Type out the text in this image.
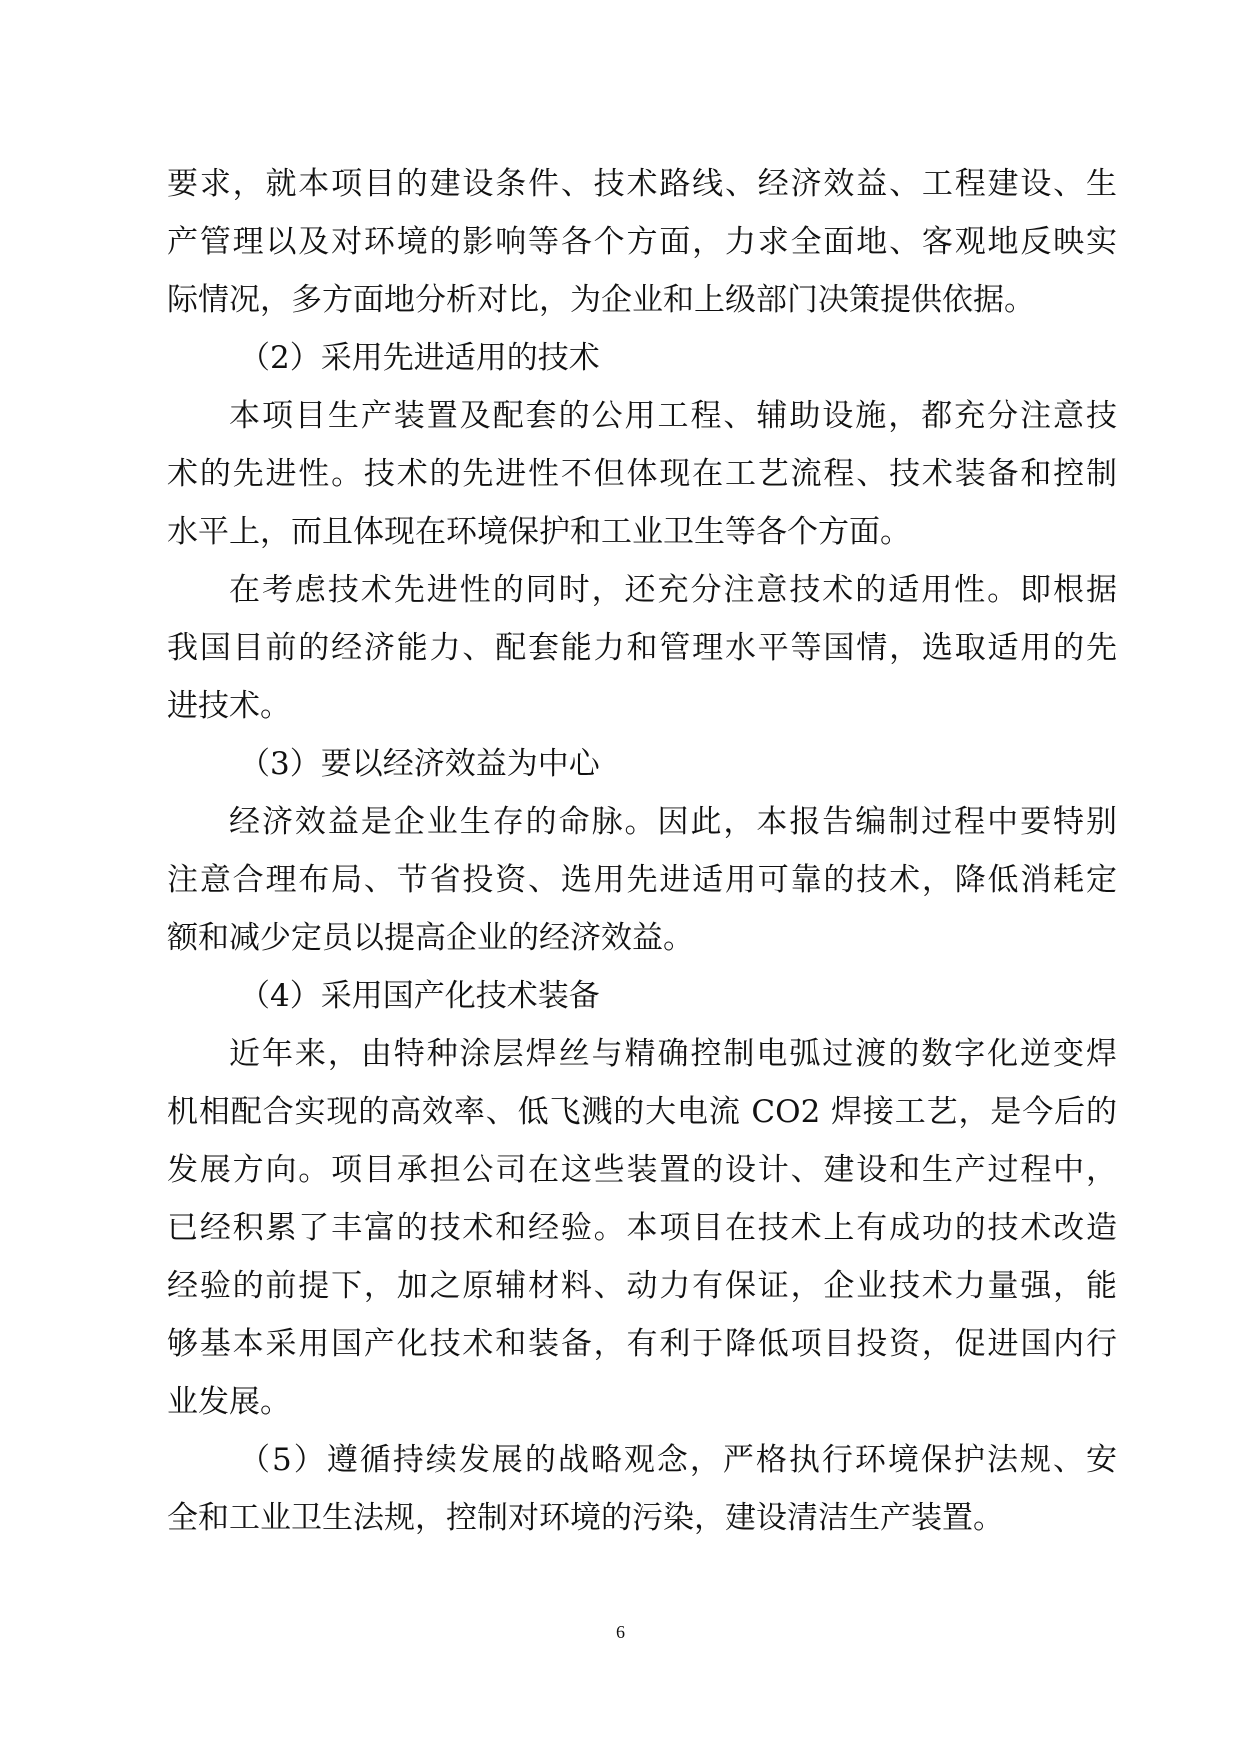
要求，就本项目的建设条件、技术路线、经济效益、工程建设、生

产管理以及对环境的影响等各个方面，力求全面地、客观地反映实

际情况，多方面地分析对比，为企业和上级部门决策提供依据。

（2）采用先进适用的技术

本项目生产装置及配套的公用工程、辅助设施，都充分注意技

术的先进性。技术的先进性不但体现在工艺流程、技术装备和控制

水平上，而且体现在环境保护和工业卫生等各个方面。

在考虑技术先进性的同时，还充分注意技术的适用性。即根据

我国目前的经济能力、配套能力和管理水平等国情，选取适用的先

进技术。

（3）要以经济效益为中心

经济效益是企业生存的命脉。因此，本报告编制过程中要特别

注意合理布局、节省投资、选用先进适用可靠的技术，降低消耗定

额和减少定员以提高企业的经济效益。

（4）采用国产化技术装备

近年来，由特种涂层焊丝与精确控制电弧过渡的数字化逆变焊

机相配合实现的高效率、低飞溅的大电流 CO2 焊接工艺，是今后的

发展方向。项目承担公司在这些装置的设计、建设和生产过程中，

已经积累了丰富的技术和经验。本项目在技术上有成功的技术改造

经验的前提下，加之原辅材料、动力有保证，企业技术力量强，能

够基本采用国产化技术和装备，有利于降低项目投资，促进国内行

业发展。

（5）遵循持续发展的战略观念，严格执行环境保护法规、安

全和工业卫生法规，控制对环境的污染，建设清洁生产装置。

6
